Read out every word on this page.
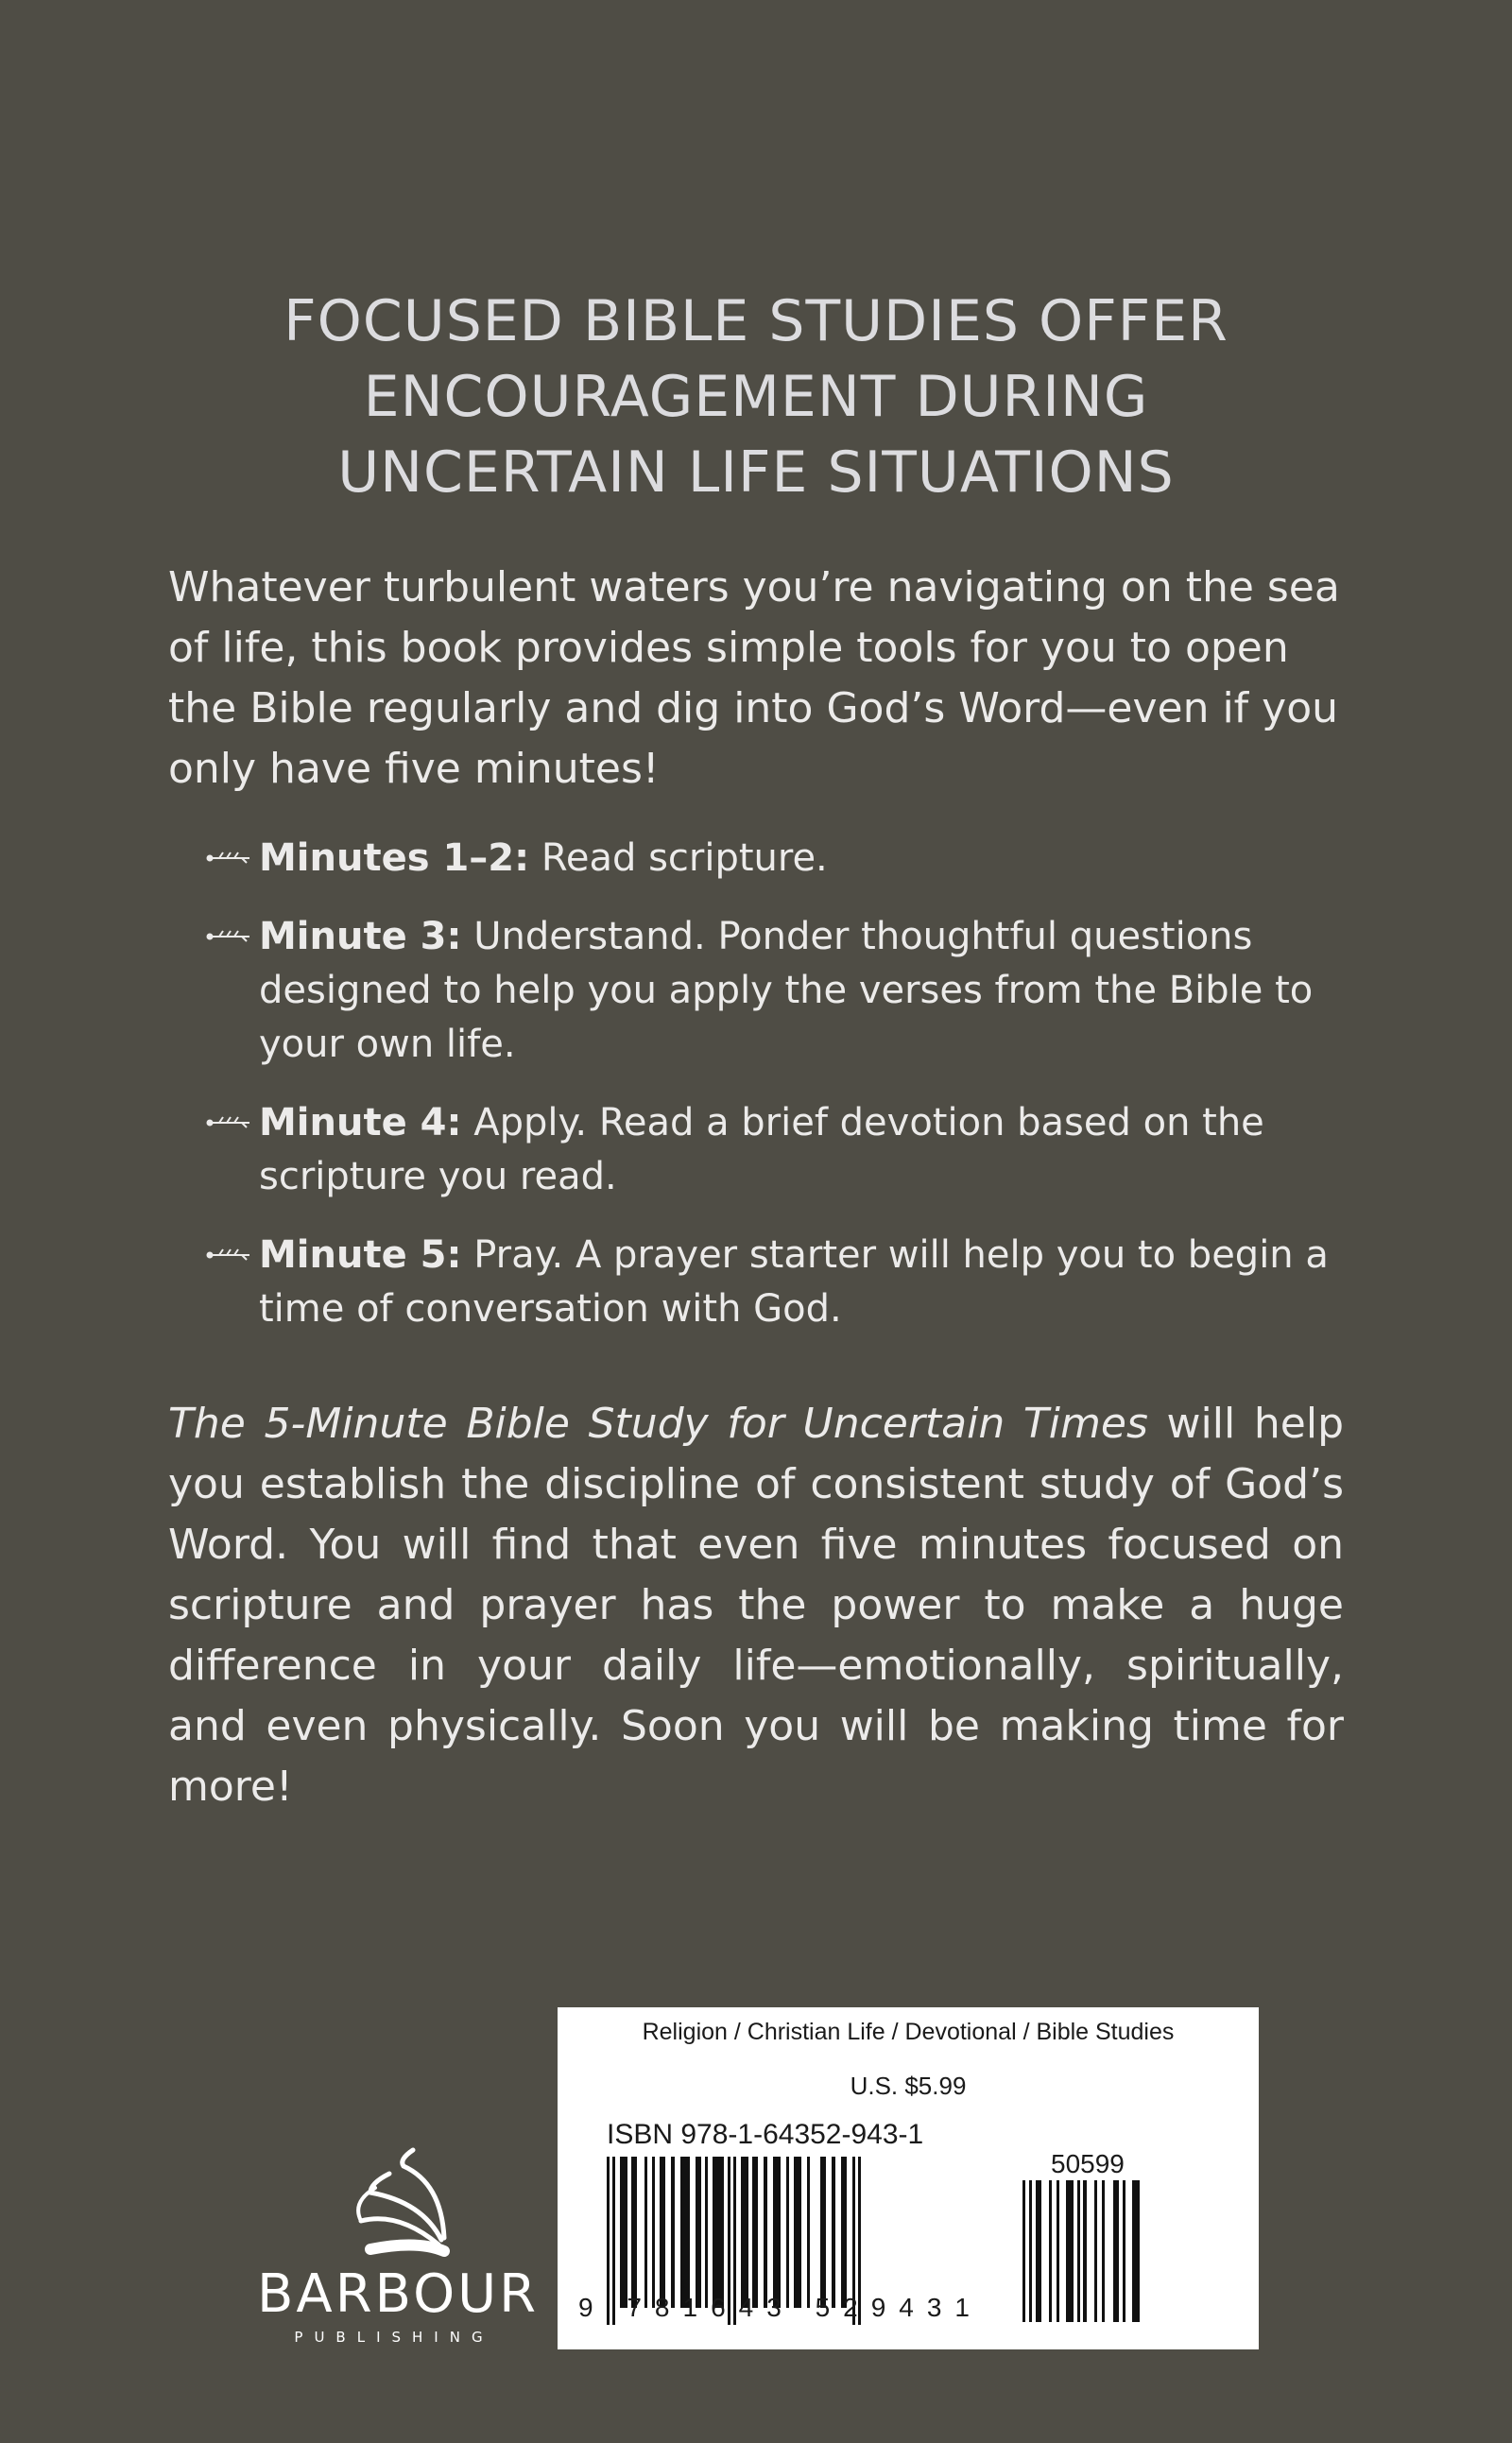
FOCUSED BIBLE STUDIES OFFER
ENCOURAGEMENT DURING
UNCERTAIN LIFE SITUATIONS
Whatever turbulent waters you’re navigating on the sea of life, this book provides simple tools for you to open the Bible regularly and dig into God’s Word—even if you only have five minutes!
Minutes 1–2: Read scripture.
Minute 3: Understand. Ponder thoughtful questions designed to help you apply the verses from the Bible to your own life.
Minute 4: Apply. Read a brief devotion based on the scripture you read.
Minute 5: Pray. A prayer starter will help you to begin a time of conversation with God.
The 5-Minute Bible Study for Uncertain Times will help you establish the discipline of consistent study of God’s Word. You will find that even five minutes focused on scripture and prayer has the power to make a huge difference in your daily life—emotionally, spiritually, and even physically. Soon you will be making time for more!
BARBOUR
PUBLISHING
Religion / Christian Life / Devotional / Bible Studies
U.S. $5.99
ISBN 978-1-64352-943-1
9 781643 529431
50599
